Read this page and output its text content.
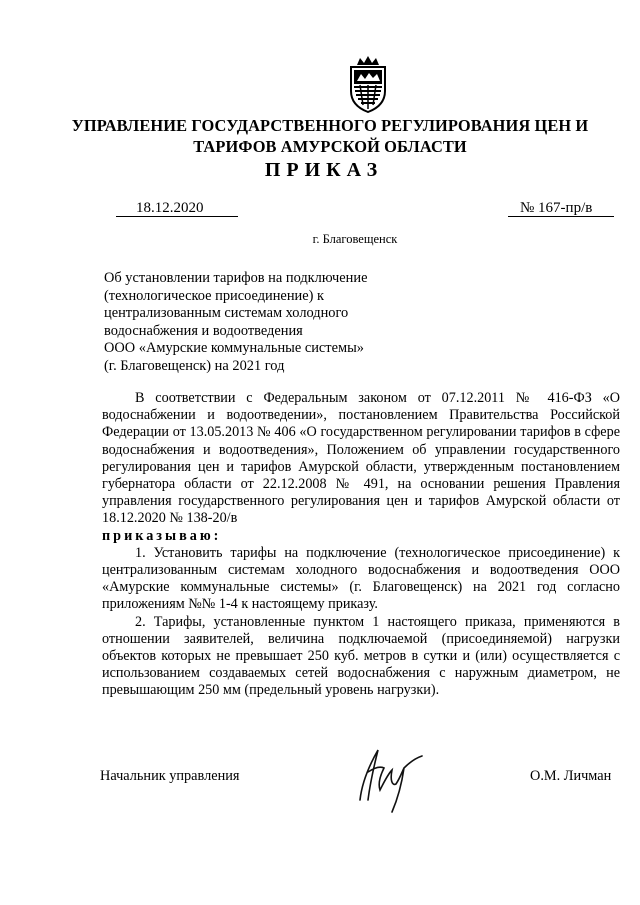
УПРАВЛЕНИЕ ГОСУДАРСТВЕННОГО РЕГУЛИРОВАНИЯ ЦЕН И
ТАРИФОВ АМУРСКОЙ ОБЛАСТИ
ПРИКАЗ
18.12.2020	№ 167-пр/в
г. Благовещенск
Об установлении тарифов на подключение
(технологическое присоединение) к
централизованным системам холодного
водоснабжения и водоотведения
ООО «Амурские коммунальные системы»
(г. Благовещенск) на 2021 год

В соответствии с Федеральным законом от 07.12.2011 № 416-ФЗ «О водоснабжении и водоотведении», постановлением Правительства Российской Федерации от 13.05.2013 № 406 «О государственном регулировании тарифов в сфере водоснабжения и водоотведения», Положением об управлении государственного регулирования цен и тарифов Амурской области, утвержденным постановлением губернатора области от 22.12.2008 № 491, на основании решения Правления управления государственного регулирования цен и тарифов Амурской области от 18.12.2020 № 138-20/в

приказываю:

1. Установить тарифы на подключение (технологическое присоединение) к централизованным системам холодного водоснабжения и водоотведения ООО «Амурские коммунальные системы» (г. Благовещенск) на 2021 год согласно приложениям №№ 1-4 к настоящему приказу.

2. Тарифы, установленные пунктом 1 настоящего приказа, применяются в отношении заявителей, величина подключаемой (присоединяемой) нагрузки объектов которых не превышает 250 куб. метров в сутки и (или) осуществляется с использованием создаваемых сетей водоснабжения с наружным диаметром, не превышающим 250 мм (предельный уровень нагрузки).

Начальник управления	О.М. Личман
